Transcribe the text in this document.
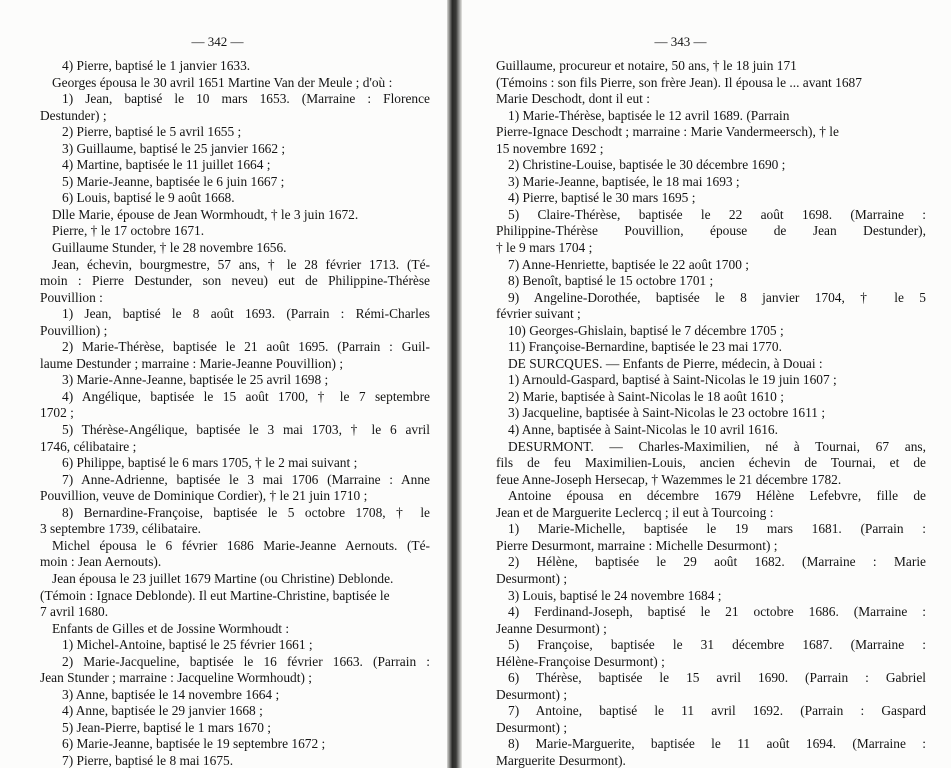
— 342 —
4) Pierre, baptisé le 1 janvier 1633.
Georges épousa le 30 avril 1651 Martine Van der Meule ; d'où :
1) Jean, baptisé le 10 mars 1653. (Marraine : Florence
Destunder) ;
2) Pierre, baptisé le 5 avril 1655 ;
3) Guillaume, baptisé le 25 janvier 1662 ;
4) Martine, baptisée le 11 juillet 1664 ;
5) Marie-Jeanne, baptisée le 6 juin 1667 ;
6) Louis, baptisé le 9 août 1668.
Dlle Marie, épouse de Jean Wormhoudt, † le 3 juin 1672.
Pierre, † le 17 octobre 1671.
Guillaume Stunder, † le 28 novembre 1656.
Jean, échevin, bourgmestre, 57 ans, † le 28 février 1713. (Té-
moin : Pierre Destunder, son neveu) eut de Philippine-Thérèse
Pouvillion :
1) Jean, baptisé le 8 août 1693. (Parrain : Rémi-Charles
Pouvillion) ;
2) Marie-Thérèse, baptisée le 21 août 1695. (Parrain : Guil-
laume Destunder ; marraine : Marie-Jeanne Pouvillion) ;
3) Marie-Anne-Jeanne, baptisée le 25 avril 1698 ;
4) Angélique, baptisée le 15 août 1700, † le 7 septembre
1702 ;
5) Thérèse-Angélique, baptisée le 3 mai 1703, † le 6 avril
1746, célibataire ;
6) Philippe, baptisé le 6 mars 1705, † le 2 mai suivant ;
7) Anne-Adrienne, baptisée le 3 mai 1706 (Marraine : Anne
Pouvillion, veuve de Dominique Cordier), † le 21 juin 1710 ;
8) Bernardine-Françoise, baptisée le 5 octobre 1708, † le
3 septembre 1739, célibataire.
Michel épousa le 6 février 1686 Marie-Jeanne Aernouts. (Té-
moin : Jean Aernouts).
Jean épousa le 23 juillet 1679 Martine (ou Christine) Deblonde.
(Témoin : Ignace Deblonde). Il eut Martine-Christine, baptisée le
7 avril 1680.
Enfants de Gilles et de Jossine Wormhoudt :
1) Michel-Antoine, baptisé le 25 février 1661 ;
2) Marie-Jacqueline, baptisée le 16 février 1663. (Parrain :
Jean Stunder ; marraine : Jacqueline Wormhoudt) ;
3) Anne, baptisée le 14 novembre 1664 ;
4) Anne, baptisée le 29 janvier 1668 ;
5) Jean-Pierre, baptisé le 1 mars 1670 ;
6) Marie-Jeanne, baptisée le 19 septembre 1672 ;
7) Pierre, baptisé le 8 mai 1675.
— 343 —
Guillaume, procureur et notaire, 50 ans, † le 18 juin 171
(Témoins : son fils Pierre, son frère Jean). Il épousa le ... avant 1687
Marie Deschodt, dont il eut :
1) Marie-Thérèse, baptisée le 12 avril 1689. (Parrain
Pierre-Ignace Deschodt ; marraine : Marie Vandermeersch), † le
15 novembre 1692 ;
2) Christine-Louise, baptisée le 30 décembre 1690 ;
3) Marie-Jeanne, baptisée, le 18 mai 1693 ;
4) Pierre, baptisé le 30 mars 1695 ;
5) Claire-Thérèse, baptisée le 22 août 1698. (Marraine :
Philippine-Thérèse Pouvillion, épouse de Jean Destunder),
† le 9 mars 1704 ;
7) Anne-Henriette, baptisée le 22 août 1700 ;
8) Benoît, baptisé le 15 octobre 1701 ;
9) Angeline-Dorothée, baptisée le 8 janvier 1704, † le 5
février suivant ;
10) Georges-Ghislain, baptisé le 7 décembre 1705 ;
11) Françoise-Bernardine, baptisée le 23 mai 1770.
DE SURCQUES. — Enfants de Pierre, médecin, à Douai :
1) Arnould-Gaspard, baptisé à Saint-Nicolas le 19 juin 1607 ;
2) Marie, baptisée à Saint-Nicolas le 18 août 1610 ;
3) Jacqueline, baptisée à Saint-Nicolas le 23 octobre 1611 ;
4) Anne, baptisée à Saint-Nicolas le 10 avril 1616.
DESURMONT. — Charles-Maximilien, né à Tournai, 67 ans,
fils de feu Maximilien-Louis, ancien échevin de Tournai, et de
feue Anne-Joseph Hersecap, † Wazemmes le 21 décembre 1782.
Antoine épousa en décembre 1679 Hélène Lefebvre, fille de
Jean et de Marguerite Leclercq ; il eut à Tourcoing :
1) Marie-Michelle, baptisée le 19 mars 1681. (Parrain :
Pierre Desurmont, marraine : Michelle Desurmont) ;
2) Hélène, baptisée le 29 août 1682. (Marraine : Marie
Desurmont) ;
3) Louis, baptisé le 24 novembre 1684 ;
4) Ferdinand-Joseph, baptisé le 21 octobre 1686. (Marraine :
Jeanne Desurmont) ;
5) Françoise, baptisée le 31 décembre 1687. (Marraine :
Hélène-Françoise Desurmont) ;
6) Thérèse, baptisée le 15 avril 1690. (Parrain : Gabriel
Desurmont) ;
7) Antoine, baptisé le 11 avril 1692. (Parrain : Gaspard
Desurmont) ;
8) Marie-Marguerite, baptisée le 11 août 1694. (Marraine :
Marguerite Desurmont).
